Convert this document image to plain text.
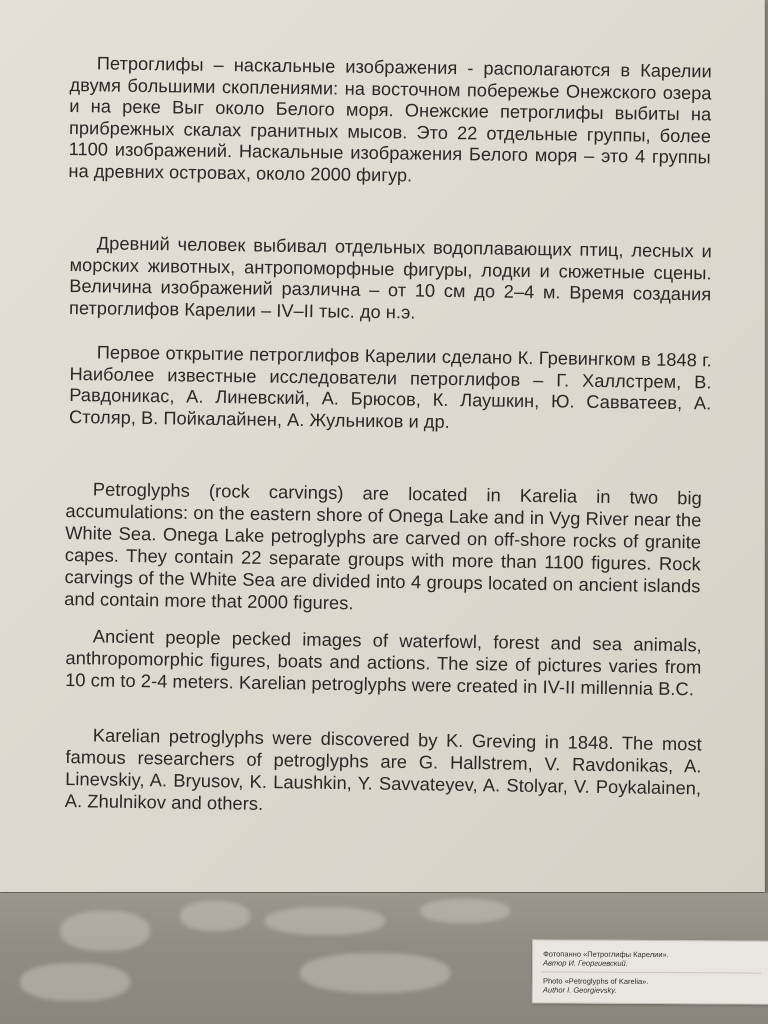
Петроглифы – наскальные изображения - располагаются в Карелии двумя большими скоплениями: на восточном побережье Онежского озера и на реке Выг около Белого моря. Онежские петроглифы выбиты на прибрежных скалах гранитных мысов. Это 22 отдельные группы, более 1100 изображений. Наскальные изображения Белого моря – это 4 группы на древних островах, около 2000 фигур.

Древний человек выбивал отдельных водоплавающих птиц, лесных и морских животных, антропоморфные фигуры, лодки и сюжетные сцены. Величина изображений различна – от 10 см до 2–4 м. Время создания петроглифов Карелии – IV–II тыс. до н.э.

Первое открытие петроглифов Карелии сделано К. Гревингком в 1848 г. Наиболее известные исследователи петроглифов – Г. Халлстрем, В. Равдоникас, А. Линевский, А. Брюсов, К. Лаушкин, Ю. Савватеев, А. Столяр, В. Пойкалайнен, А. Жульников и др.

Petroglyphs (rock carvings) are located in Karelia in two big accumulations: on the eastern shore of Onega Lake and in Vyg River near the White Sea. Onega Lake petroglyphs are carved on off-shore rocks of granite capes. They contain 22 separate groups with more than 1100 figures. Rock carvings of the White Sea are divided into 4 groups located on ancient islands and contain more that 2000 figures.

Ancient people pecked images of waterfowl, forest and sea animals, anthropomorphic figures, boats and actions. The size of pictures varies from 10 cm to 2-4 meters. Karelian petroglyphs were created in IV-II millennia B.C.

Karelian petroglyphs were discovered by K. Greving in 1848. The most famous researchers of petroglyphs are G. Hallstrem, V. Ravdonikas, A. Linevskiy, A. Bryusov, K. Laushkin, Y. Savvateyev, A. Stolyar, V. Poykalainen, A. Zhulnikov and others.

Фотопанно «Петроглифы Карелии».
Автор И. Георгиевский.
Photo «Petroglyphs of Karelia».
Author I. Georgievsky.
